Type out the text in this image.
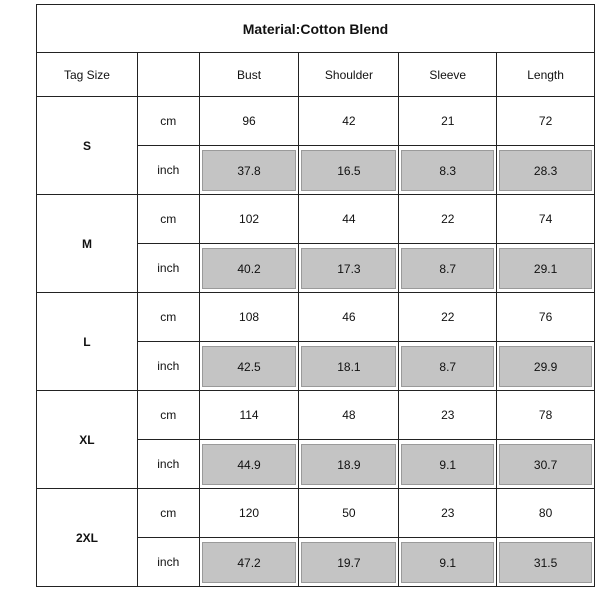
Material:Cotton Blend					
Tag Size		Bust	Shoulder	Sleeve	Length
S	cm	96	42	21	72
	inch	37.8	16.5	8.3	28.3

M	cm	102	44	22	74
	inch	40.2	17.3	8.7	29.1

L	cm	108	46	22	76
	inch	42.5	18.1	8.7	29.9

XL	cm	114	48	23	78
	inch	44.9	18.9	9.1	30.7

2XL	cm	120	50	23	80
	inch	47.2	19.7	9.1	31.5
